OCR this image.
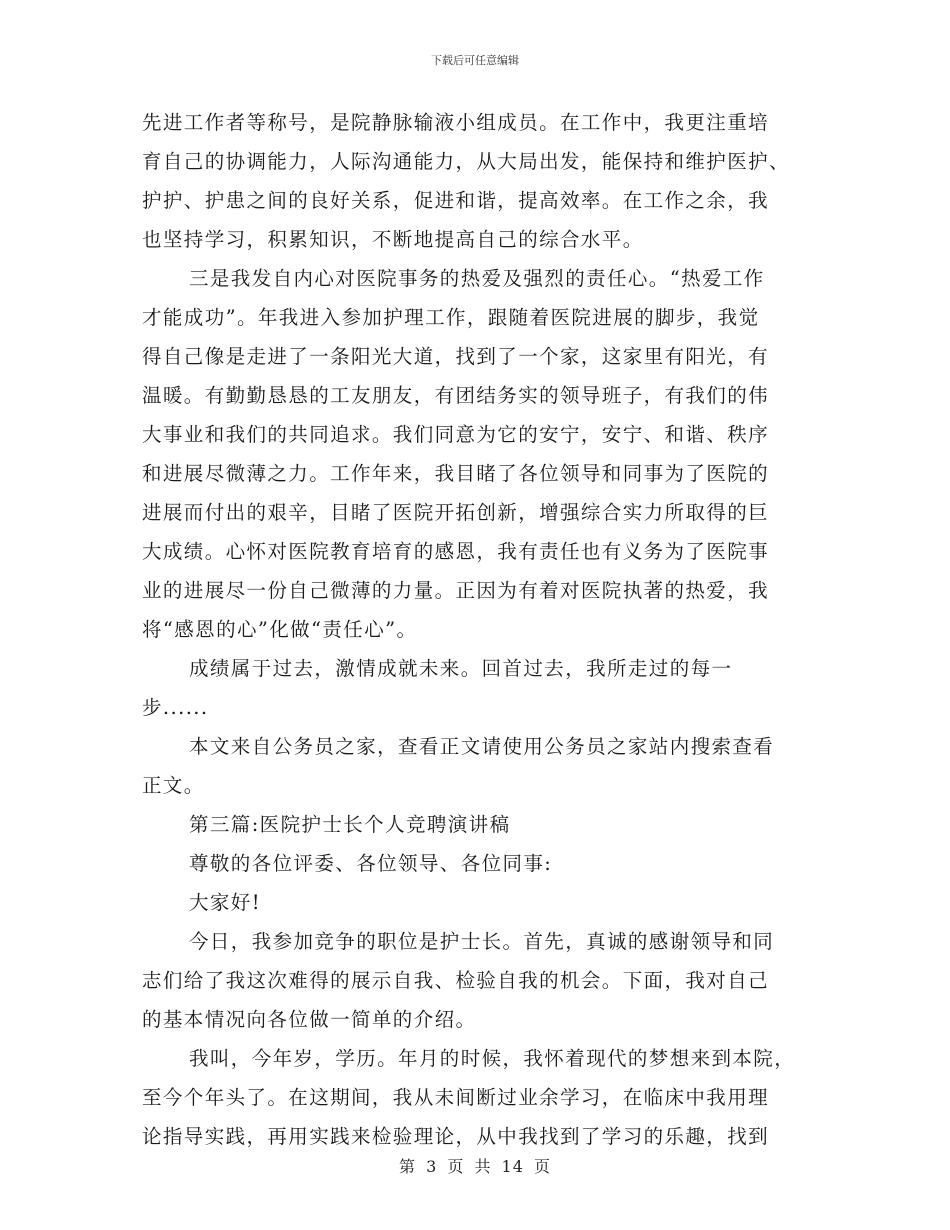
下载后可任意编辑
先进工作者等称号，是院静脉输液小组成员。在工作中，我更注重培
育自己的协调能力，人际沟通能力，从大局出发，能保持和维护医护、
护护、护患之间的良好关系，促进和谐，提高效率。在工作之余，我
也坚持学习，积累知识，不断地提高自己的综合水平。
三是我发自内心对医院事务的热爱及强烈的责任心。“热爱工作
才能成功”。年我进入参加护理工作，跟随着医院进展的脚步，我觉
得自己像是走进了一条阳光大道，找到了一个家，这家里有阳光，有
温暖。有勤勤恳恳的工友朋友，有团结务实的领导班子，有我们的伟
大事业和我们的共同追求。我们同意为它的安宁，安宁、和谐、秩序
和进展尽微薄之力。工作年来，我目睹了各位领导和同事为了医院的
进展而付出的艰辛，目睹了医院开拓创新，增强综合实力所取得的巨
大成绩。心怀对医院教育培育的感恩，我有责任也有义务为了医院事
业的进展尽一份自己微薄的力量。正因为有着对医院执著的热爱，我
将“感恩的心”化做“责任心”。
成绩属于过去，激情成就未来。回首过去，我所走过的每一
步......
本文来自公务员之家，查看正文请使用公务员之家站内搜索查看
正文。
第三篇:医院护士长个人竞聘演讲稿
尊敬的各位评委、各位领导、各位同事:
大家好!
今日，我参加竞争的职位是护士长。首先，真诚的感谢领导和同
志们给了我这次难得的展示自我、检验自我的机会。下面，我对自己
的基本情况向各位做一简单的介绍。
我叫，今年岁，学历。年月的时候，我怀着现代的梦想来到本院，
至今个年头了。在这期间，我从未间断过业余学习，在临床中我用理
论指导实践，再用实践来检验理论，从中我找到了学习的乐趣，找到
第 3 页 共 14 页
